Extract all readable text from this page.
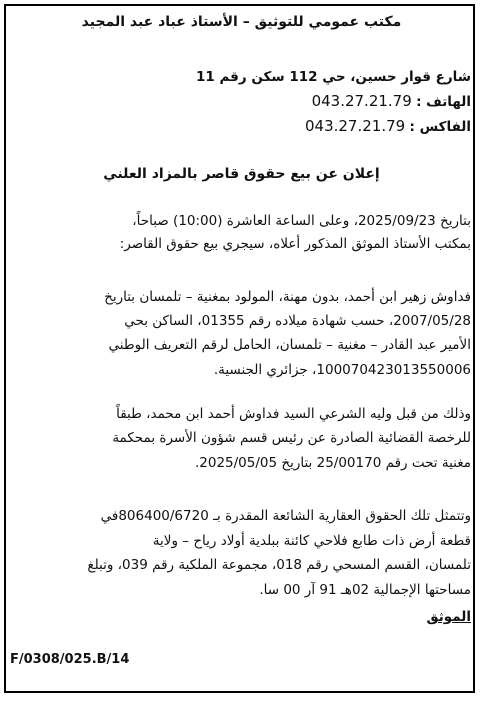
مكتب عمومي للتوثيق – الأستاذ عباد عبد المجيد
شارع قوار حسين، حي 112 سكن رقم 11
الهاتف : 043.27.21.79
الفاكس : 043.27.21.79
إعلان عن بيع حقوق قاصر بالمزاد العلني
بتاريخ 2025/09/23، وعلى الساعة العاشرة (10:00) صباحاً،
بمكتب الأستاذ الموثق المذكور أعلاه، سيجري بيع حقوق القاصر:
فداوش زهير ابن أحمد، بدون مهنة، المولود بمغنية – تلمسان بتاريخ
2007/05/28، حسب شهادة ميلاده رقم 01355، الساكن بحي
الأمير عبد القادر – مغنية – تلمسان، الحامل لرقم التعريف الوطني
100070423013550006، جزائري الجنسية.
وذلك من قبل وليه الشرعي السيد فداوش أحمد ابن محمد، طبقاً
للرخصة القضائية الصادرة عن رئيس قسم شؤون الأسرة بمحكمة
مغنية تحت رقم 25/00170 بتاريخ 2025/05/05.
وتتمثل تلك الحقوق العقارية الشائعة المقدرة بـ 806400/6720في
قطعة أرض ذات طابع فلاحي كائنة ببلدية أولاد رياح – ولاية
تلمسان، القسم المسحي رقم 018، مجموعة الملكية رقم 039، وتبلغ
مساحتها الإجمالية 02هـ 91 آر 00 سا.
الموثق
F/0308/025.B/14
